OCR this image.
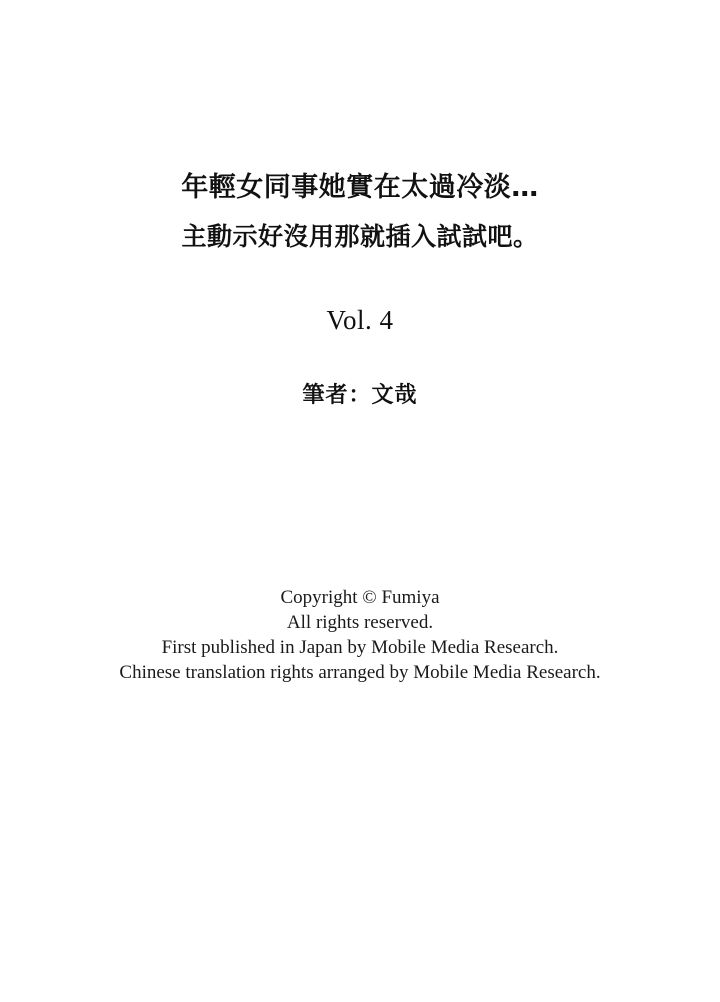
年輕女同事她實在太過冷淡…
主動示好沒用那就插入試試吧。
Vol. 4
筆者：文哉
Copyright © Fumiya
All rights reserved.
First published in Japan by Mobile Media Research.
Chinese translation rights arranged by Mobile Media Research.
